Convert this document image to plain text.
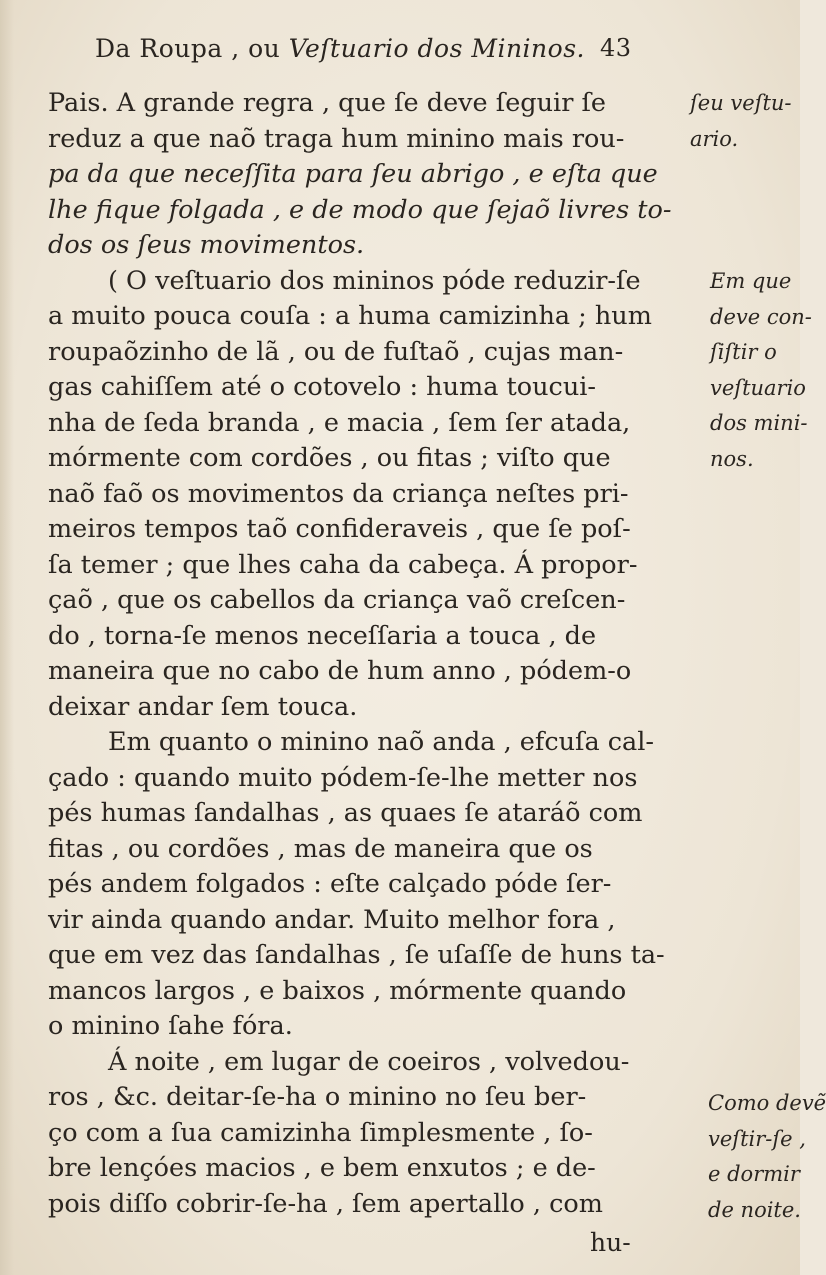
Da Roupa , ou Veſtuario dos Mininos. 43
Pais. A grande regra , que ſe deve ſeguir ſe
reduz a que naõ traga hum minino mais rou-
pa da que neceſſita para ſeu abrigo , e eſta que
lhe fique folgada , e de modo que ſejaõ livres to-
dos os ſeus movimentos.
( O veſtuario dos mininos póde reduzir-ſe
a muito pouca couſa : a huma camizinha ; hum
roupaõzinho de lã , ou de fuſtaõ , cujas man-
gas cahiſſem até o cotovelo : huma toucui-
nha de ſeda branda , e macia , ſem ſer atada,
mórmente com cordões , ou fitas ; viſto que
naõ faõ os movimentos da criança neſtes pri-
meiros tempos taõ confideraveis , que ſe poſ-
ſa temer ; que lhes caha da cabeça. Á propor-
çaõ , que os cabellos da criança vaõ creſcen-
do , torna-ſe menos neceſſaria a touca , de
maneira que no cabo de hum anno , pódem-o
deixar andar ſem touca.
Em quanto o minino naõ anda , efcuſa cal-
çado : quando muito pódem-ſe-lhe metter nos
pés humas ſandalhas , as quaes ſe ataráõ com
fitas , ou cordões , mas de maneira que os
pés andem folgados : eſte calçado póde ſer-
vir ainda quando andar. Muito melhor fora ,
que em vez das ſandalhas , ſe uſaſſe de huns ta-
mancos largos , e baixos , mórmente quando
o minino ſahe fóra.
Á noite , em lugar de coeiros , volvedou-
ros , &c. deitar-ſe-ha o minino no ſeu ber-
ço com a ſua camizinha ſimplesmente , ſo-
bre lençóes macios , e bem enxutos ; e de-
pois diſſo cobrir-ſe-ha , ſem apertallo , com
ſeu veſtu-
ario.
Em que
deve con-
ſiſtir o
veſtuario
dos mini-
nos.
Como devẽ
veſtir-ſe ,
e dormir
de noite.
hu-
